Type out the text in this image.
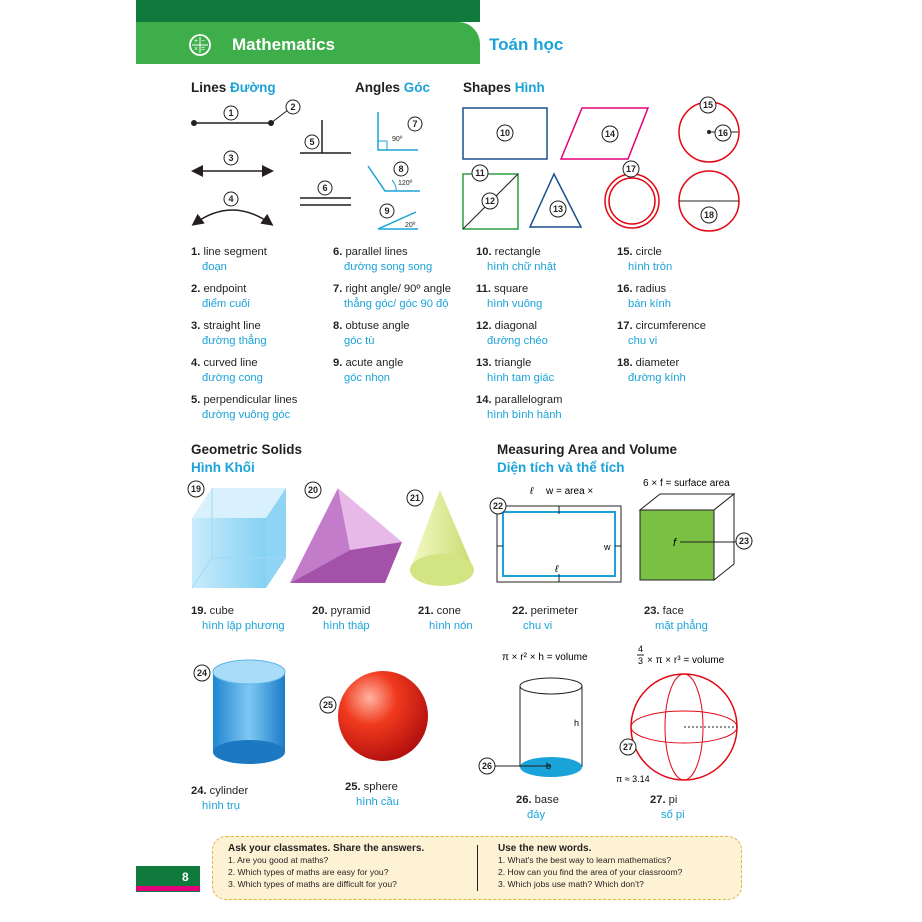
+ −
× = Mathematics	Toán học
Lines Đường	Angles Góc Shapes Hình
Geometric Solids
Hình Khối
Measuring Area and Volume
Diện tích và thể tích
90º
120º
20º
1
2
3
4
5
6
7
8
9
10
11
12
13
14
15
16
17
18
1. line segment
đoạn
2. endpoint
điểm cuối
3. straight line
đường thẳng
4. curved line
đường cong
5. perpendicular lines
đường vuông góc
6. parallel lines
đường song song
7. right angle/ 90º angle
thẳng góc/ góc 90 độ
8. obtuse angle
góc tù
9. acute angle
góc nhọn
10. rectangle
hình chữ nhật
11. square
hình vuông
12. diagonal
đường chéo
13. triangle
hình tam giác
14. parallelogram
hình bình hành
15. circle
hình tròn
16. radius
bán kính
17. circumference
chu vi
18. diameter
đường kính
ℓ w = area ×
w
ℓ
6 × f = surface area
f
π × r² × h = volume
h
b
4
3 × π × r³ = volume
π ≈ 3.14
19	20
21
22
23
24
25
26
27
19. cube
hình lập phương
20. pyramid
hình tháp
21. cone
hình nón
22. perimeter
chu vi
23. face
mặt phẳng
24. cylinder
hình trụ
25. sphere
hình cầu	26. base
đáy
27. pi
số pi
8
Ask your classmates. Share the answers.
1. Are you good at maths?
2. Which types of maths are easy for you?
3. Which types of maths are difficult for you?
Use the new words.
1. What's the best way to learn mathematics?
2. How can you find the area of your classroom?
3. Which jobs use math? Which don't?
